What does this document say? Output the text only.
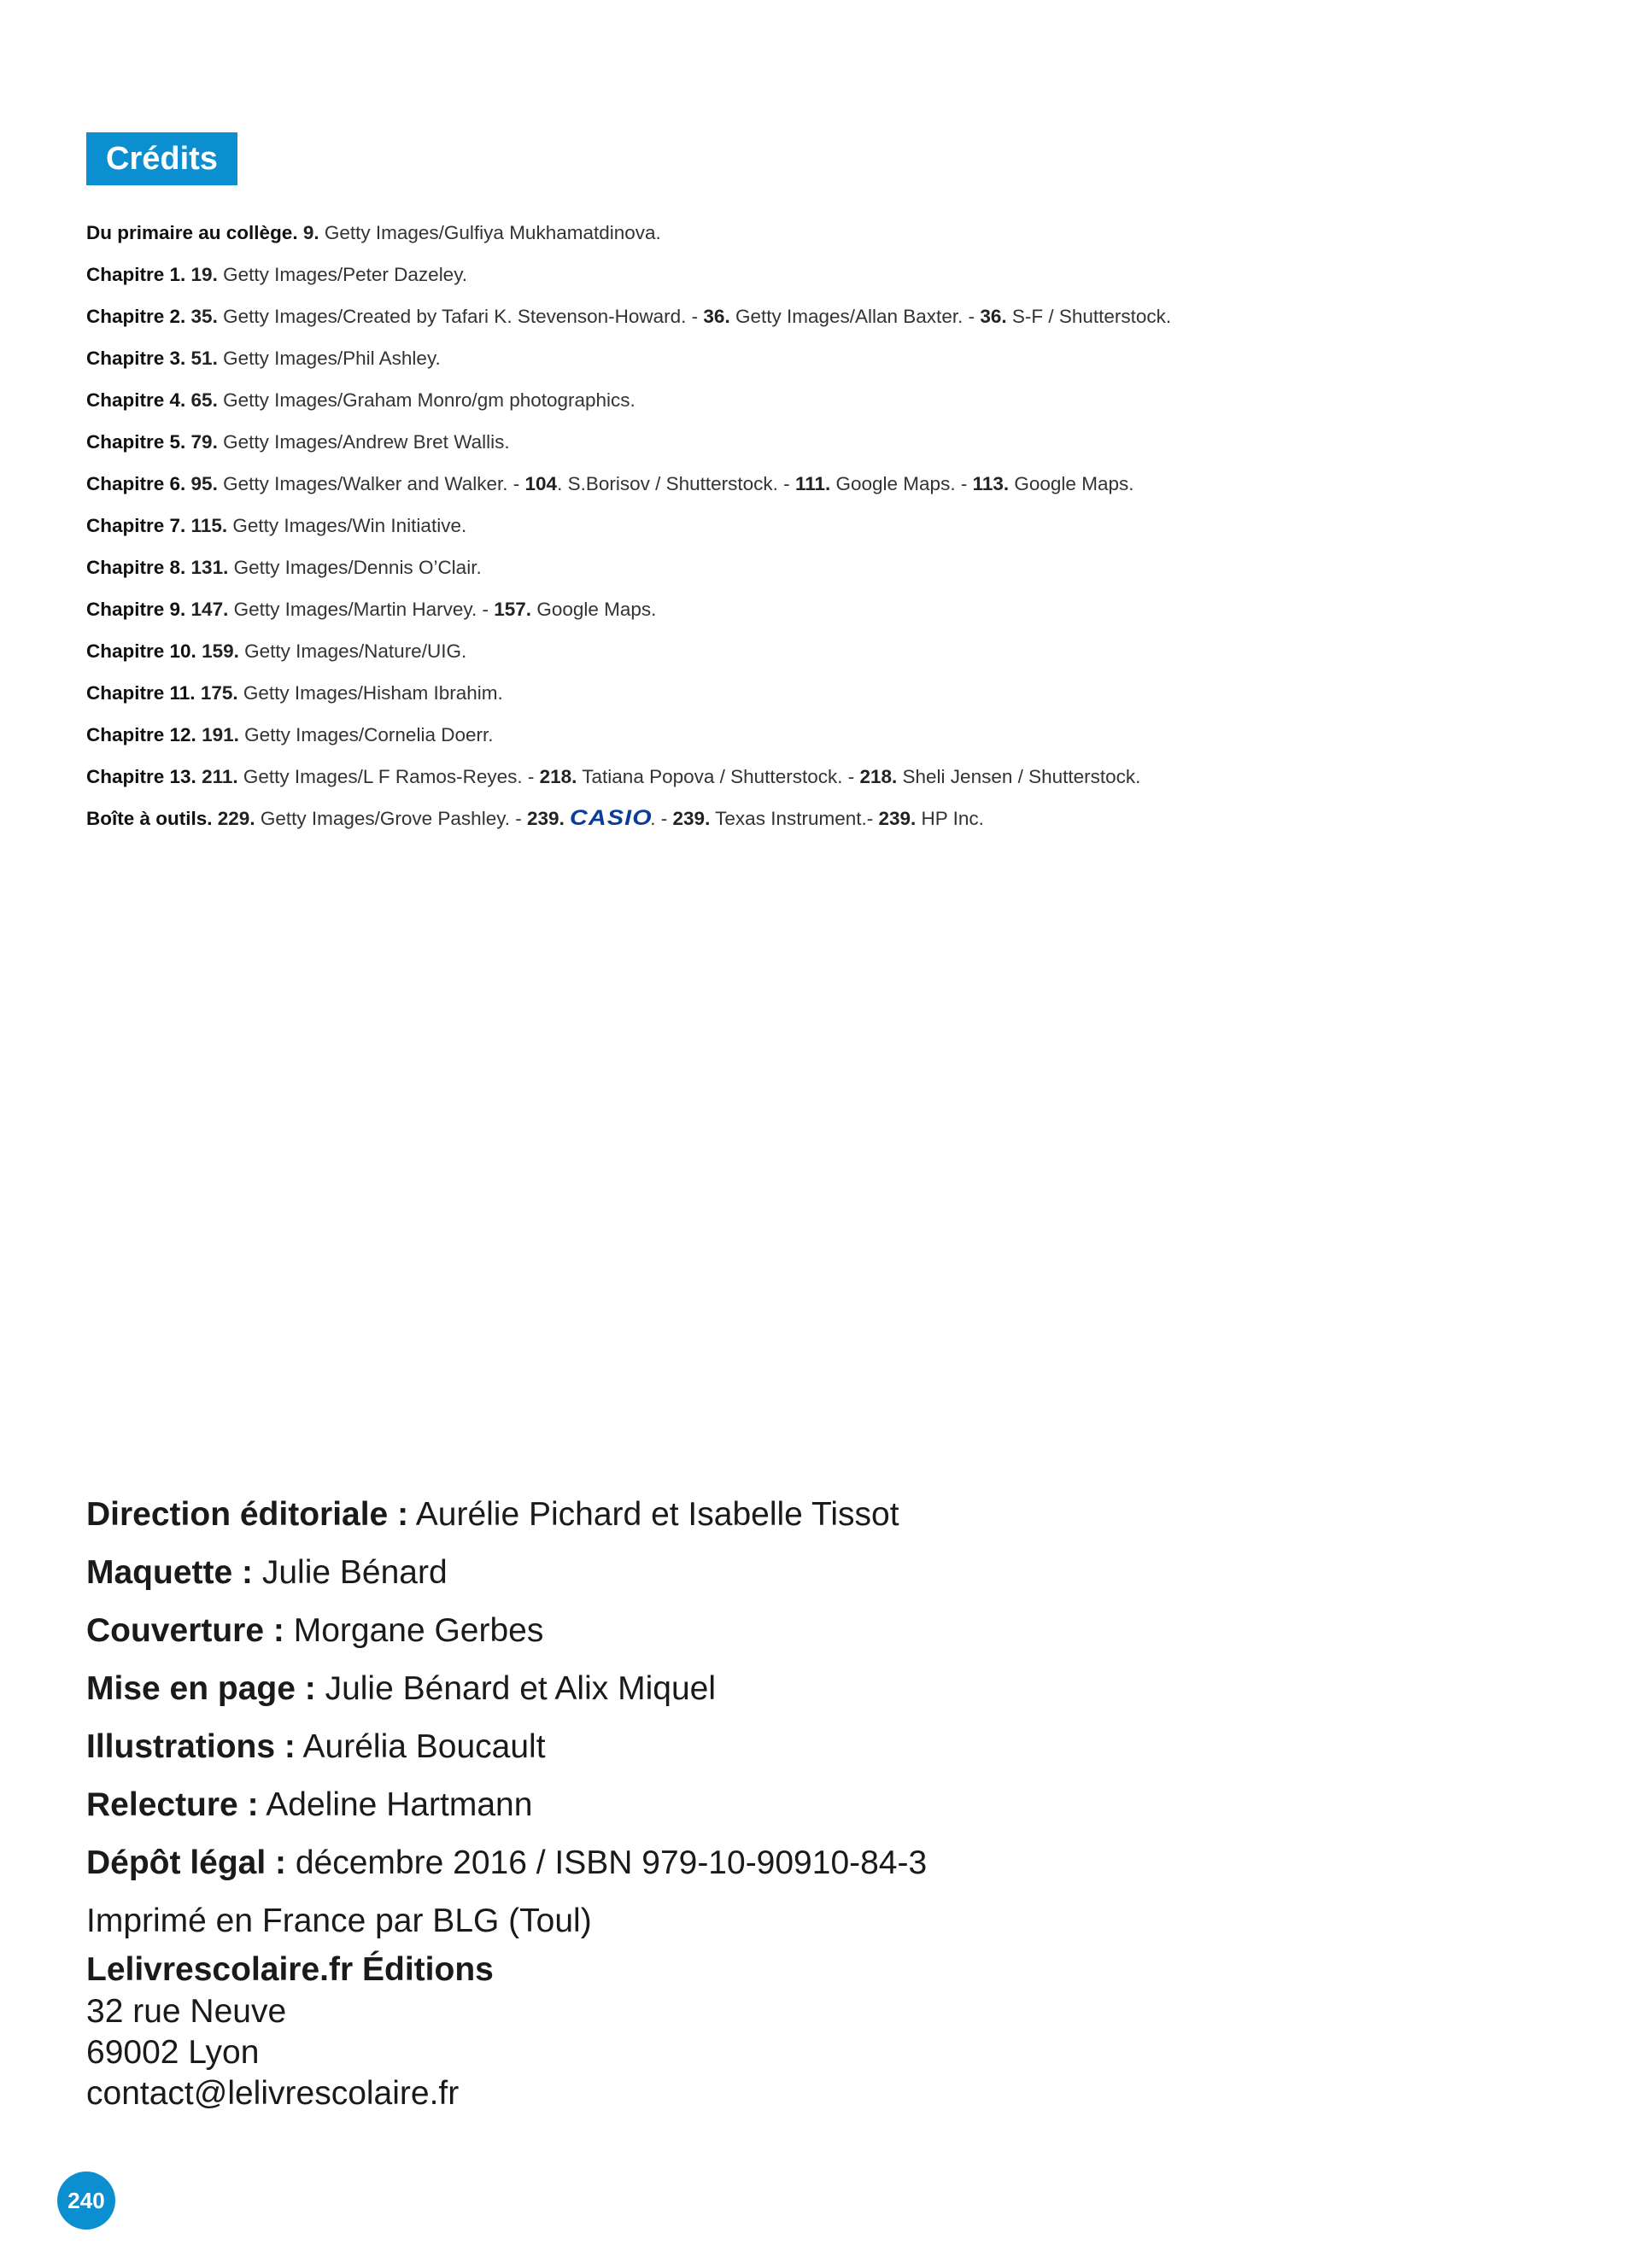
Crédits
Du primaire au collège. 9. Getty Images/Gulfiya Mukhamatdinova.
Chapitre 1. 19. Getty Images/Peter Dazeley.
Chapitre 2. 35. Getty Images/Created by Tafari K. Stevenson-Howard. - 36. Getty Images/Allan Baxter. - 36. S-F / Shutterstock.
Chapitre 3. 51. Getty Images/Phil Ashley.
Chapitre 4. 65. Getty Images/Graham Monro/gm photographics.
Chapitre 5. 79. Getty Images/Andrew Bret Wallis.
Chapitre 6. 95. Getty Images/Walker and Walker. - 104. S.Borisov / Shutterstock. - 111. Google Maps. - 113. Google Maps.
Chapitre 7. 115. Getty Images/Win Initiative.
Chapitre 8. 131. Getty Images/Dennis O’Clair.
Chapitre 9. 147. Getty Images/Martin Harvey. - 157. Google Maps.
Chapitre 10. 159. Getty Images/Nature/UIG.
Chapitre 11. 175. Getty Images/Hisham Ibrahim.
Chapitre 12. 191. Getty Images/Cornelia Doerr.
Chapitre 13. 211. Getty Images/L F Ramos-Reyes. - 218. Tatiana Popova / Shutterstock. - 218. Sheli Jensen / Shutterstock.
Boîte à outils. 229. Getty Images/Grove Pashley. - 239. CASIO. - 239. Texas Instrument.- 239. HP Inc.
Direction éditoriale : Aurélie Pichard et Isabelle Tissot
Maquette : Julie Bénard
Couverture : Morgane Gerbes
Mise en page : Julie Bénard et Alix Miquel
Illustrations : Aurélia Boucault
Relecture : Adeline Hartmann
Dépôt légal : décembre 2016 / ISBN 979-10-90910-84-3
Imprimé en France par BLG (Toul)
Lelivrescolaire.fr Éditions
32 rue Neuve
69002 Lyon
contact@lelivrescolaire.fr
240
